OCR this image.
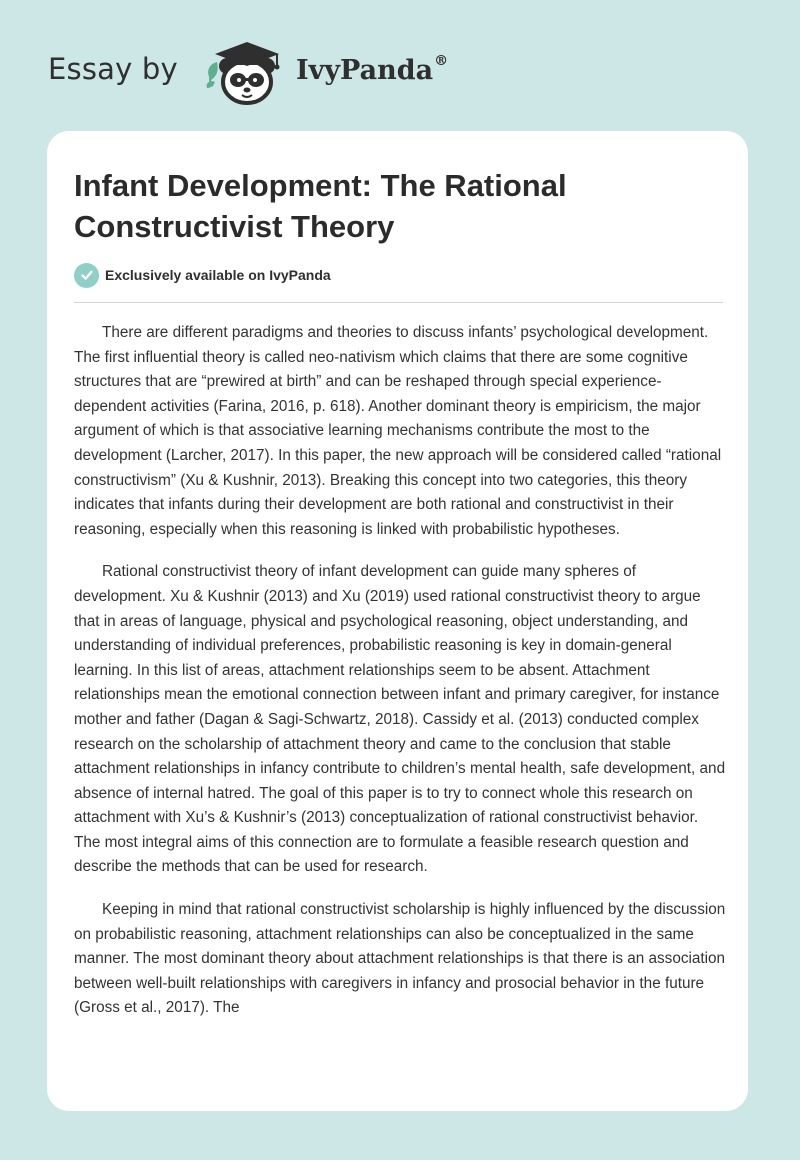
Essay by	IvyPanda®
Infant Development: The Rational Constructivist Theory
Exclusively available on IvyPanda

There are different paradigms and theories to discuss infants’ psychological development. The first influential theory is called neo-nativism which claims that there are some cognitive structures that are “prewired at birth” and can be reshaped through special experience-dependent activities (Farina, 2016, p. 618). Another dominant theory is empiricism, the major argument of which is that associative learning mechanisms contribute the most to the development (Larcher, 2017). In this paper, the new approach will be considered called “rational constructivism” (Xu & Kushnir, 2013). Breaking this concept into two categories, this theory indicates that infants during their development are both rational and constructivist in their reasoning, especially when this reasoning is linked with probabilistic hypotheses.

Rational constructivist theory of infant development can guide many spheres of development. Xu & Kushnir (2013) and Xu (2019) used rational constructivist theory to argue that in areas of language, physical and psychological reasoning, object understanding, and understanding of individual preferences, probabilistic reasoning is key in domain-general learning. In this list of areas, attachment relationships seem to be absent. Attachment relationships mean the emotional connection between infant and primary caregiver, for instance mother and father (Dagan & Sagi-Schwartz, 2018). Cassidy et al. (2013) conducted complex research on the scholarship of attachment theory and came to the conclusion that stable attachment relationships in infancy contribute to children’s mental health, safe development, and absence of internal hatred. The goal of this paper is to try to connect whole this research on attachment with Xu’s & Kushnir’s (2013) conceptualization of rational constructivist behavior. The most integral aims of this connection are to formulate a feasible research question and describe the methods that can be used for research.

Keeping in mind that rational constructivist scholarship is highly influenced by the discussion on probabilistic reasoning, attachment relationships can also be conceptualized in the same manner. The most dominant theory about attachment relationships is that there is an association between well-built relationships with caregivers in infancy and prosocial behavior in the future (Gross et al., 2017). The
